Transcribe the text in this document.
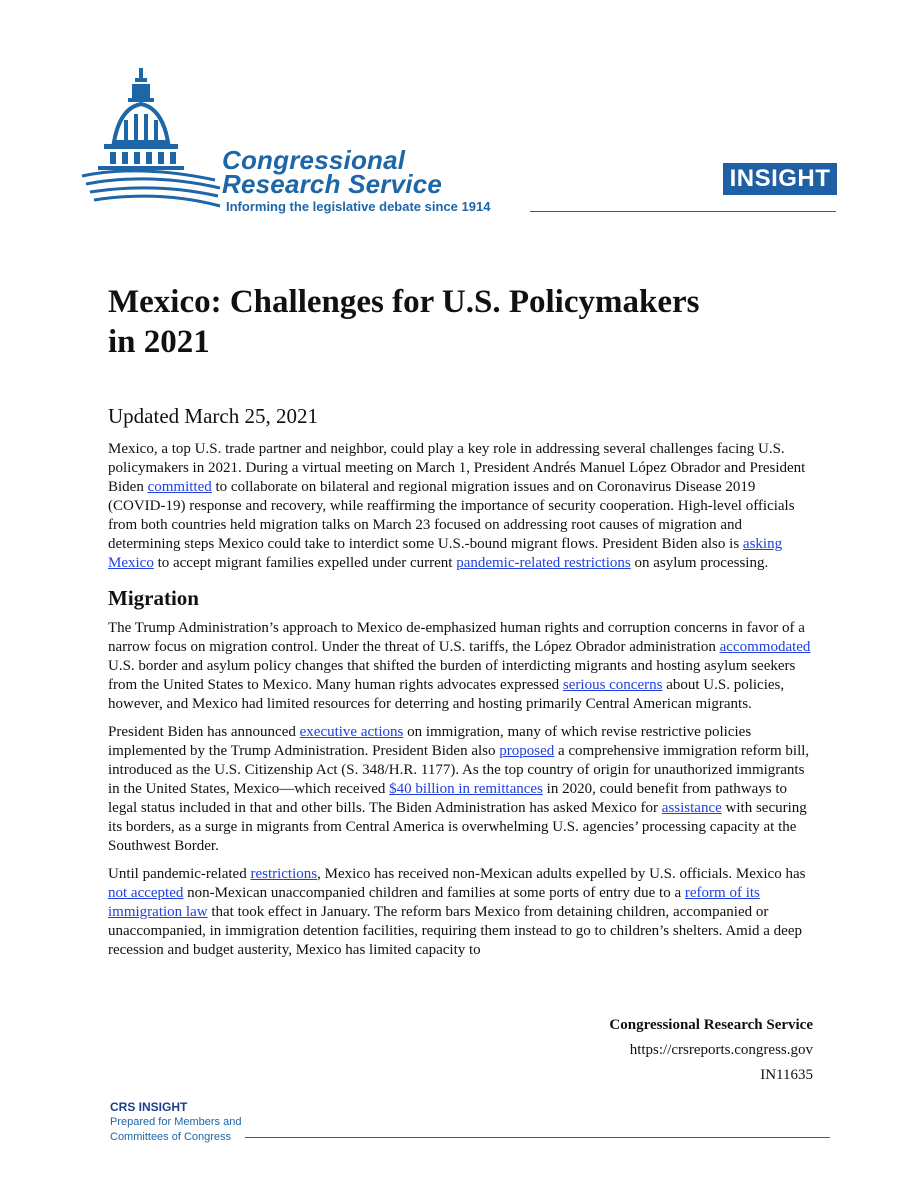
Congressional
Research Service
Informing the legislative debate since 1914
INSIGHT
Mexico: Challenges for U.S. Policymakers
in 2021

Updated March 25, 2021

Mexico, a top U.S. trade partner and neighbor, could play a key role in addressing several challenges facing U.S. policymakers in 2021. During a virtual meeting on March 1, President Andrés Manuel López Obrador and President Biden committed to collaborate on bilateral and regional migration issues and on Coronavirus Disease 2019 (COVID-19) response and recovery, while reaffirming the importance of security cooperation. High-level officials from both countries held migration talks on March 23 focused on addressing root causes of migration and determining steps Mexico could take to interdict some U.S.-bound migrant flows. President Biden also is asking Mexico to accept migrant families expelled under current pandemic-related restrictions on asylum processing.

Migration

The Trump Administration’s approach to Mexico de-emphasized human rights and corruption concerns in favor of a narrow focus on migration control. Under the threat of U.S. tariffs, the López Obrador administration accommodated U.S. border and asylum policy changes that shifted the burden of interdicting migrants and hosting asylum seekers from the United States to Mexico. Many human rights advocates expressed serious concerns about U.S. policies, however, and Mexico had limited resources for deterring and hosting primarily Central American migrants.

President Biden has announced executive actions on immigration, many of which revise restrictive policies implemented by the Trump Administration. President Biden also proposed a comprehensive immigration reform bill, introduced as the U.S. Citizenship Act (S. 348/H.R. 1177). As the top country of origin for unauthorized immigrants in the United States, Mexico—which received $40 billion in remittances in 2020, could benefit from pathways to legal status included in that and other bills. The Biden Administration has asked Mexico for assistance with securing its borders, as a surge in migrants from Central America is overwhelming U.S. agencies’ processing capacity at the Southwest Border.

Until pandemic-related restrictions, Mexico has received non-Mexican adults expelled by U.S. officials. Mexico has not accepted non-Mexican unaccompanied children and families at some ports of entry due to a reform of its immigration law that took effect in January. The reform bars Mexico from detaining children, accompanied or unaccompanied, in immigration detention facilities, requiring them instead to go to children’s shelters. Amid a deep recession and budget austerity, Mexico has limited capacity to

Congressional Research Service
https://crsreports.congress.gov
IN11635
CRS INSIGHT
Prepared for Members and
Committees of Congress
